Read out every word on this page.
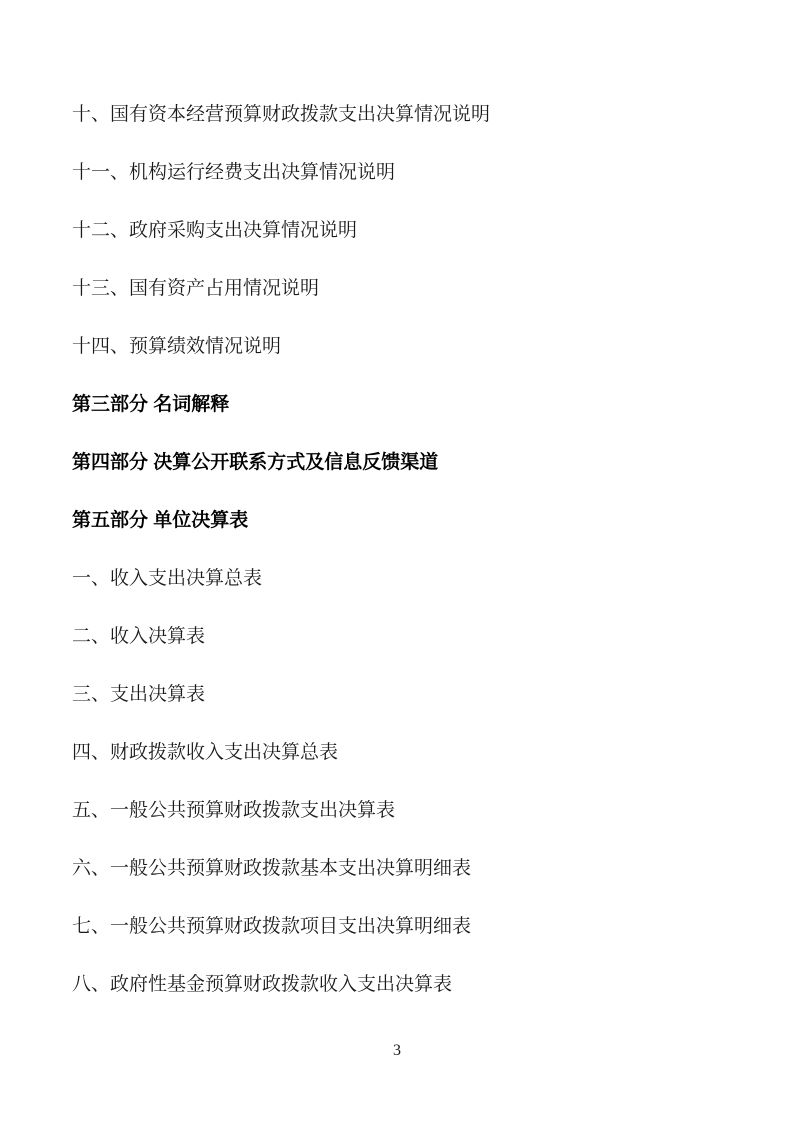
十、国有资本经营预算财政拨款支出决算情况说明

十一、机构运行经费支出决算情况说明

十二、政府采购支出决算情况说明

十三、国有资产占用情况说明

十四、预算绩效情况说明

第三部分 名词解释

第四部分 决算公开联系方式及信息反馈渠道

第五部分 单位决算表

一、收入支出决算总表

二、收入决算表

三、支出决算表

四、财政拨款收入支出决算总表

五、一般公共预算财政拨款支出决算表

六、一般公共预算财政拨款基本支出决算明细表

七、一般公共预算财政拨款项目支出决算明细表

八、政府性基金预算财政拨款收入支出决算表

3
